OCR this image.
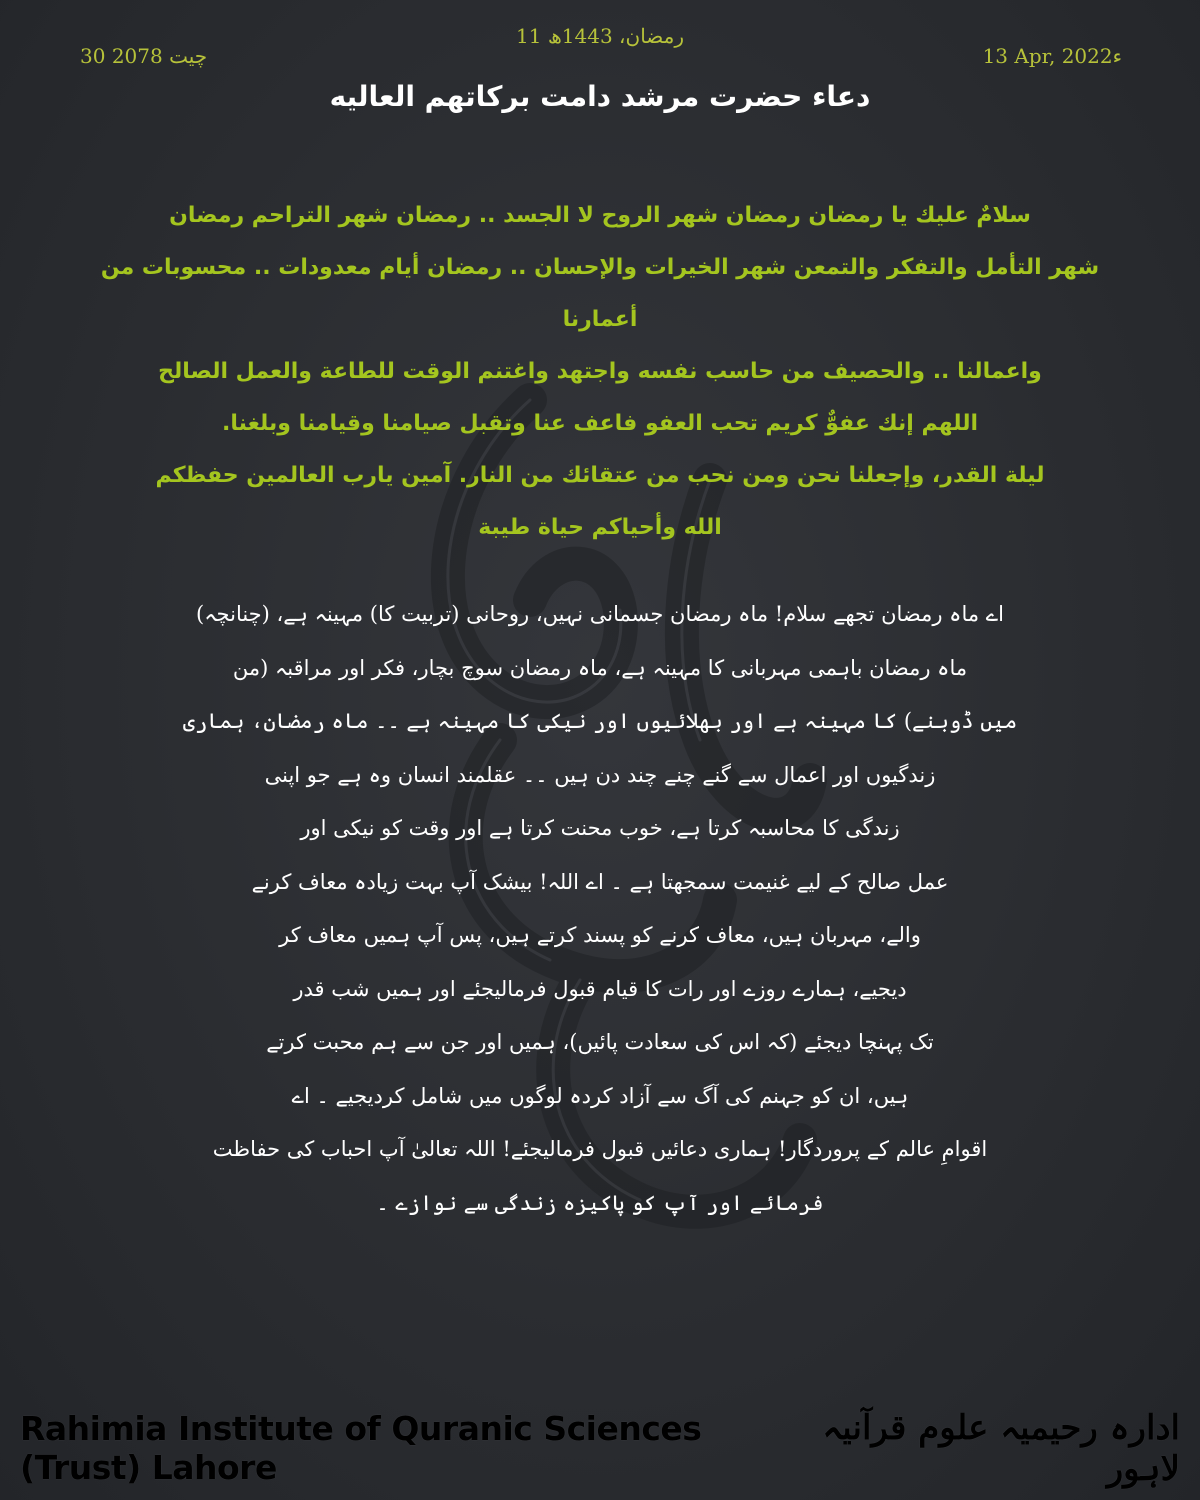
30 چیت 2078
11 رمضان، 1443ھ
13 Apr, 2022ء
دعاء حضرت مرشد دامت برکاتهم العالیه

سلامٌ عليك يا رمضان رمضان شهر الروح لا الجسد .. رمضان شهر التراحم رمضان

شهر التأمل والتفكر والتمعن شهر الخيرات والإحسان .. رمضان أيام معدودات .. محسوبات من أعمارنا

واعمالنا .. والحصيف من حاسب نفسه واجتهد واغتنم الوقت للطاعة والعمل الصالح

اللهم إنك عفوٌّ كريم تحب العفو فاعف عنا وتقبل صيامنا وقيامنا وبلغنا.

ليلة القدر، وإجعلنا نحن ومن نحب من عتقائك من النار. آمين يارب العالمين حفظكم

الله وأحياكم حياة طيبة

اے ماہ رمضان تجھے سلام! ماہ رمضان جسمانی نہیں، روحانی (تربیت کا) مہینہ ہے، (چنانچہ)

ماہ رمضان باہمی مہربانی کا مہینہ ہے، ماہ رمضان سوچ بچار، فکر اور مراقبہ (من

میں ڈوبنے) کا مہینہ ہے اور بھلائیوں اور نیکی کا مہینہ ہے ۔۔ ماہ رمضان، ہماری

زندگیوں اور اعمال سے گنے چنے چند دن ہیں ۔۔ عقلمند انسان وہ ہے جو اپنی

زندگی کا محاسبہ کرتا ہے، خوب محنت کرتا ہے اور وقت کو نیکی اور

عمل صالح کے لیے غنیمت سمجھتا ہے ۔ اے اللہ! بیشک آپ بہت زیادہ معاف کرنے

والے، مہربان ہیں، معاف کرنے کو پسند کرتے ہیں، پس آپ ہمیں معاف کر

دیجیے، ہمارے روزے اور رات کا قیام قبول فرمالیجئے اور ہمیں شب قدر

تک پہنچا دیجئے (کہ اس کی سعادت پائیں)، ہمیں اور جن سے ہم محبت کرتے

ہیں، ان کو جہنم کی آگ سے آزاد کردہ لوگوں میں شامل کردیجیے ۔ اے

اقوامِ عالم کے پروردگار! ہماری دعائیں قبول فرمالیجئے! اللہ تعالیٰ آپ احباب کی حفاظت

فرمائے اور آپ کو پاکیزہ زندگی سے نوازے ۔

Rahimia Institute of Quranic Sciences (Trust) Lahore
ادارہ رحیمیہ علوم قرآنیہ لاہور
